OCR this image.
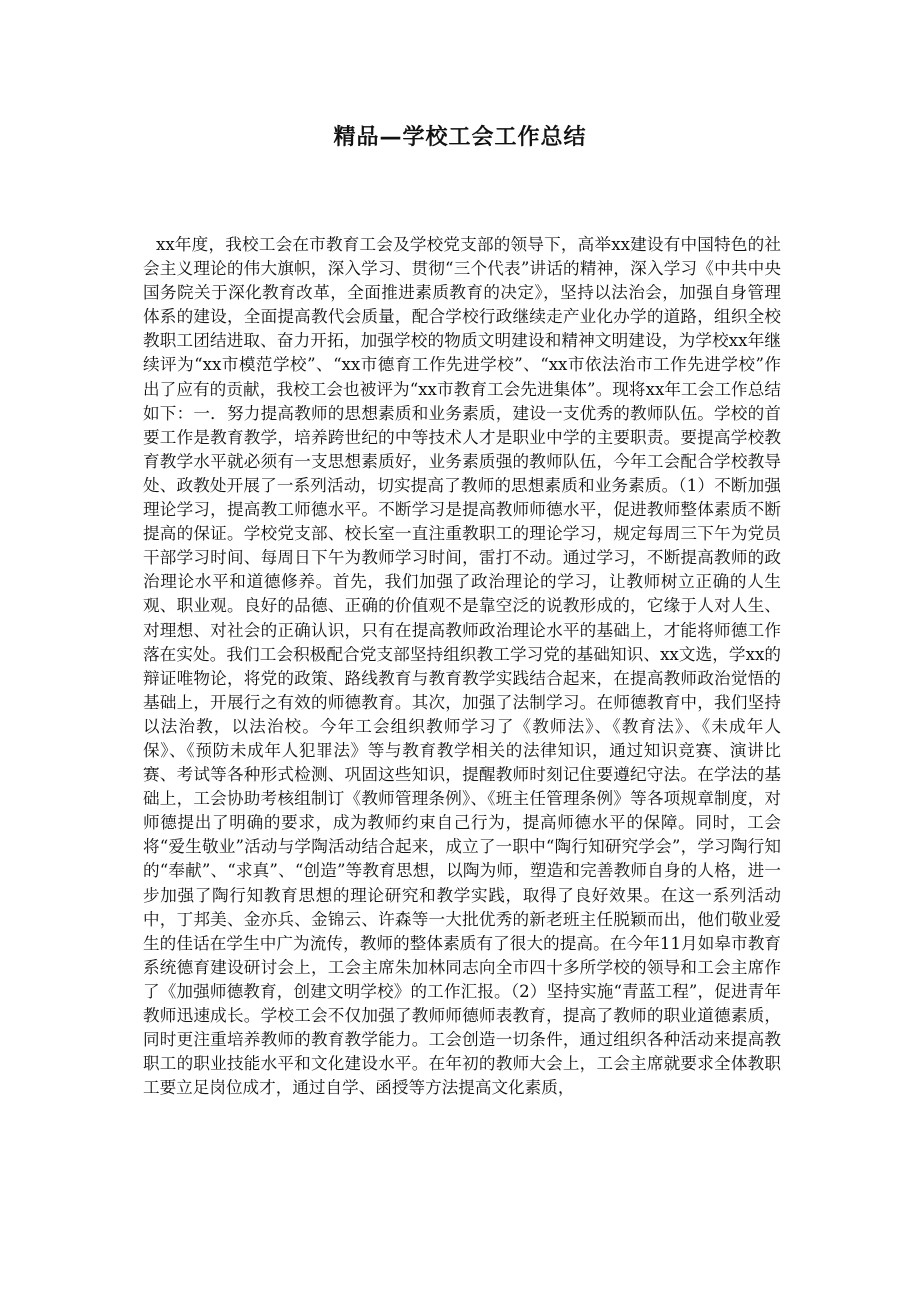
精品—学校工会工作总结

xx年度，我校工会在市教育工会及学校党支部的领导下，高举xx建设有中国特色的社会主义理论的伟大旗帜，深入学习、贯彻“三个代表”讲话的精神，深入学习《中共中央国务院关于深化教育改革，全面推进素质教育的决定》，坚持以法治会，加强自身管理体系的建设，全面提高教代会质量，配合学校行政继续走产业化办学的道路，组织全校教职工团结进取、奋力开拓，加强学校的物质文明建设和精神文明建设，为学校xx年继续评为“xx市模范学校”、“xx市德育工作先进学校”、“xx市依法治市工作先进学校”作出了应有的贡献，我校工会也被评为“xx市教育工会先进集体”。现将xx年工会工作总结如下：一．努力提高教师的思想素质和业务素质，建设一支优秀的教师队伍。学校的首要工作是教育教学，培养跨世纪的中等技术人才是职业中学的主要职责。要提高学校教育教学水平就必须有一支思想素质好，业务素质强的教师队伍，今年工会配合学校教导处、政教处开展了一系列活动，切实提高了教师的思想素质和业务素质。（1）不断加强理论学习，提高教工师德水平。不断学习是提高教师师德水平，促进教师整体素质不断提高的保证。学校党支部、校长室一直注重教职工的理论学习，规定每周三下午为党员干部学习时间、每周日下午为教师学习时间，雷打不动。通过学习，不断提高教师的政治理论水平和道德修养。首先，我们加强了政治理论的学习，让教师树立正确的人生观、职业观。良好的品德、正确的价值观不是靠空泛的说教形成的，它缘于人对人生、对理想、对社会的正确认识，只有在提高教师政治理论水平的基础上，才能将师德工作落在实处。我们工会积极配合党支部坚持组织教工学习党的基础知识、xx文选，学xx的辩证唯物论，将党的政策、路线教育与教育教学实践结合起来，在提高教师政治觉悟的基础上，开展行之有效的师德教育。其次，加强了法制学习。在师德教育中，我们坚持以法治教，以法治校。今年工会组织教师学习了《教师法》、《教育法》、《未成年人保》、《预防未成年人犯罪法》等与教育教学相关的法律知识，通过知识竞赛、演讲比赛、考试等各种形式检测、巩固这些知识，提醒教师时刻记住要遵纪守法。在学法的基础上，工会协助考核组制订《教师管理条例》、《班主任管理条例》等各项规章制度，对师德提出了明确的要求，成为教师约束自己行为，提高师德水平的保障。同时，工会将“爱生敬业”活动与学陶活动结合起来，成立了一职中“陶行知研究学会”，学习陶行知的“奉献”、“求真”、“创造”等教育思想，以陶为师，塑造和完善教师自身的人格，进一步加强了陶行知教育思想的理论研究和教学实践，取得了良好效果。在这一系列活动中，丁邦美、金亦兵、金锦云、许森等一大批优秀的新老班主任脱颖而出，他们敬业爱生的佳话在学生中广为流传，教师的整体素质有了很大的提高。在今年11月如皋市教育系统德育建设研讨会上，工会主席朱加林同志向全市四十多所学校的领导和工会主席作了《加强师德教育，创建文明学校》的工作汇报。（2）坚持实施“青蓝工程”，促进青年教师迅速成长。学校工会不仅加强了教师师德师表教育，提高了教师的职业道德素质，同时更注重培养教师的教育教学能力。工会创造一切条件，通过组织各种活动来提高教职工的职业技能水平和文化建设水平。在年初的教师大会上，工会主席就要求全体教职工要立足岗位成才，通过自学、函授等方法提高文化素质，
